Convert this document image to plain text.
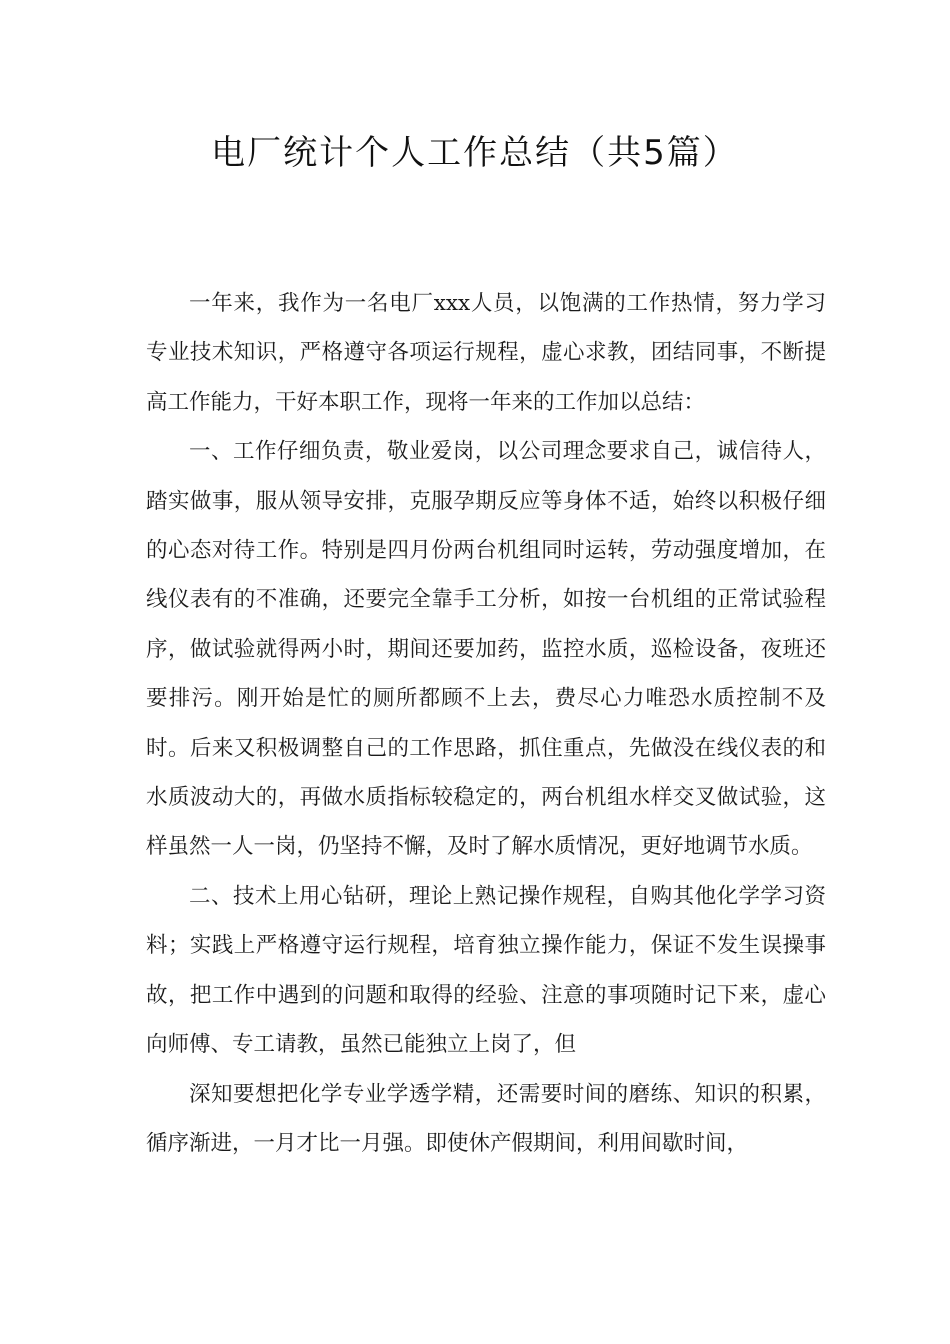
电厂统计个人工作总结（共5篇）

一年来，我作为一名电厂xxx人员，以饱满的工作热情，努力学习专业技术知识，严格遵守各项运行规程，虚心求教，团结同事，不断提高工作能力，干好本职工作，现将一年来的工作加以总结：

一、工作仔细负责，敬业爱岗，以公司理念要求自己，诚信待人，踏实做事，服从领导安排，克服孕期反应等身体不适，始终以积极仔细的心态对待工作。特别是四月份两台机组同时运转，劳动强度增加，在线仪表有的不准确，还要完全靠手工分析，如按一台机组的正常试验程序，做试验就得两小时，期间还要加药，监控水质，巡检设备，夜班还要排污。刚开始是忙的厕所都顾不上去，费尽心力唯恐水质控制不及时。后来又积极调整自己的工作思路，抓住重点，先做没在线仪表的和水质波动大的，再做水质指标较稳定的，两台机组水样交叉做试验，这样虽然一人一岗，仍坚持不懈，及时了解水质情况，更好地调节水质。

二、技术上用心钻研，理论上熟记操作规程，自购其他化学学习资料；实践上严格遵守运行规程，培育独立操作能力，保证不发生误操事故，把工作中遇到的问题和取得的经验、注意的事项随时记下来，虚心向师傅、专工请教，虽然已能独立上岗了，但

深知要想把化学专业学透学精，还需要时间的磨练、知识的积累，循序渐进，一月才比一月强。即使休产假期间，利用间歇时间，
